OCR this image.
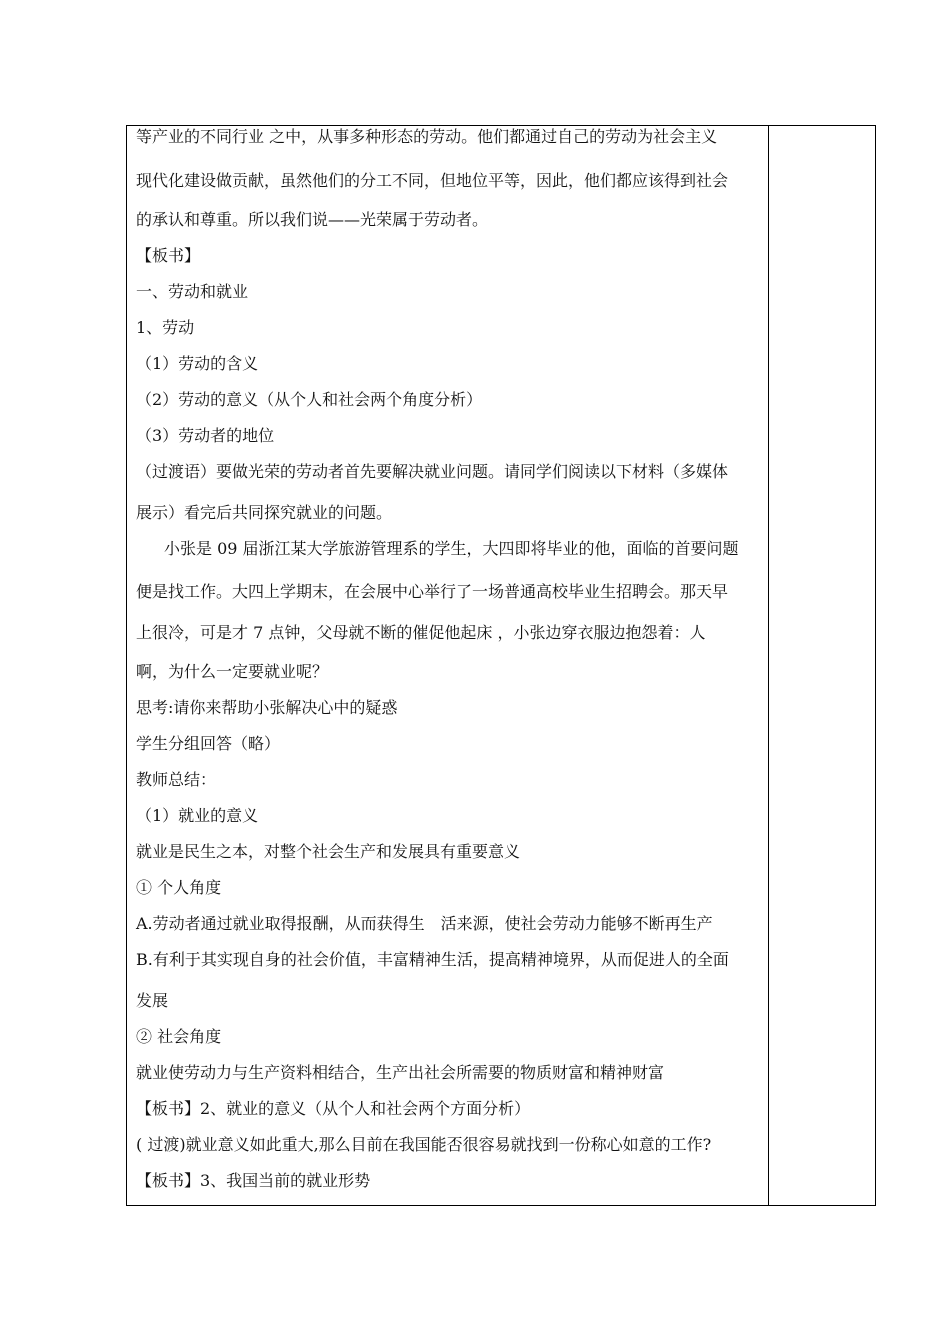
等产业的不同行业 之中，从事多种形态的劳动。他们都通过自己的劳动为社会主义
现代化建设做贡献，虽然他们的分工不同，但地位平等，因此，他们都应该得到社会
的承认和尊重。所以我们说——光荣属于劳动者。
【板书】
一、劳动和就业
1、劳动
（1）劳动的含义
（2）劳动的意义（从个人和社会两个角度分析）
（3）劳动者的地位
（过渡语）要做光荣的劳动者首先要解决就业问题。请同学们阅读以下材料（多媒体
展示）看完后共同探究就业的问题。
小张是 09 届浙江某大学旅游管理系的学生，大四即将毕业的他，面临的首要问题
便是找工作。大四上学期末，在会展中心举行了一场普通高校毕业生招聘会。那天早
上很冷，可是才 7 点钟，父母就不断的催促他起床 ，小张边穿衣服边抱怨着：人
啊，为什么一定要就业呢？
思考:请你来帮助小张解决心中的疑惑
学生分组回答（略）
教师总结：
（1）就业的意义
就业是民生之本，对整个社会生产和发展具有重要意义
① 个人角度
A.劳动者通过就业取得报酬，从而获得生　活来源，使社会劳动力能够不断再生产
B.有利于其实现自身的社会价值，丰富精神生活，提高精神境界，从而促进人的全面
发展
② 社会角度
就业使劳动力与生产资料相结合，生产出社会所需要的物质财富和精神财富
【板书】2、就业的意义（从个人和社会两个方面分析）
( 过渡)就业意义如此重大,那么目前在我国能否很容易就找到一份称心如意的工作?
【板书】3、我国当前的就业形势
